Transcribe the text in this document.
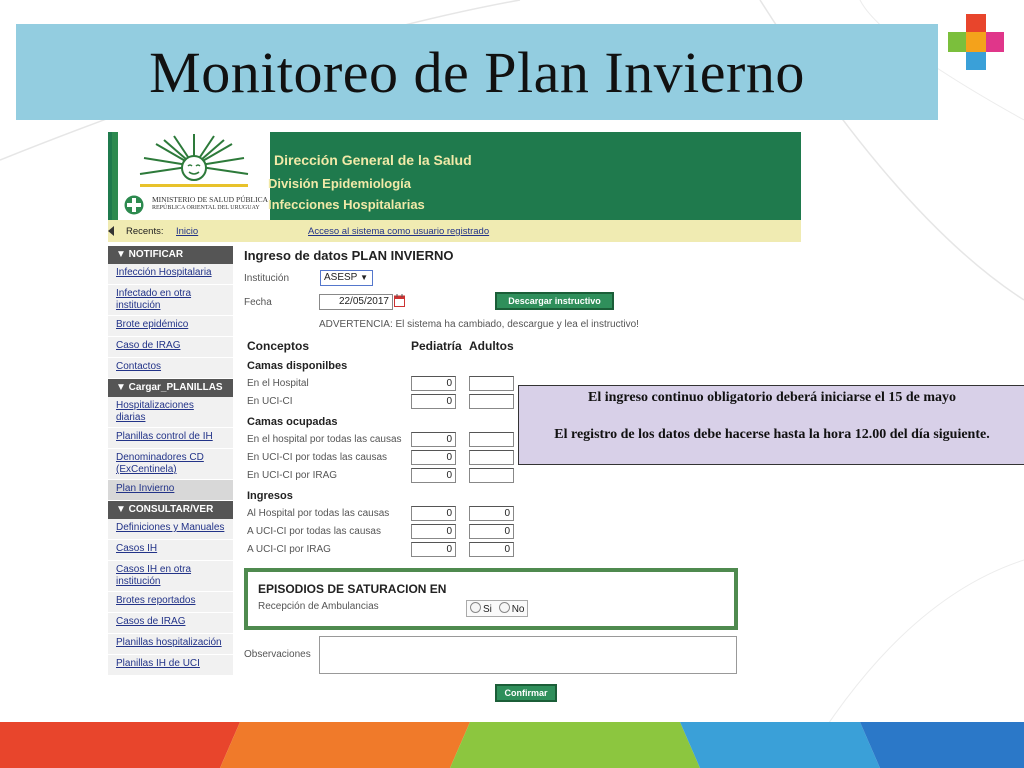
Monitoreo de Plan Invierno
MINISTERIO DE SALUD PÚBLICA
REPÚBLICA ORIENTAL DEL URUGUAY
Dirección General de la Salud
División Epidemiología
Infecciones Hospitalarias
Recents: Inicio	Acceso al sistema como usuario registrado
▼ NOTIFICAR
Infección Hospitalaria
Infectado en otra institución
Brote epidémico
Caso de IRAG
Contactos
▼ Cargar_PLANILLAS
Hospitalizaciones diarias
Planillas control de IH
Denominadores CD (ExCentinela)
Plan Invierno
▼ CONSULTAR/VER
Definiciones y Manuales
Casos IH
Casos IH en otra institución
Brotes reportados
Casos de IRAG
Planillas hospitalización
Planillas IH de UCI
Ingreso de datos PLAN INVIERNO
Institución	ASESP ▼
Fecha	22/05/2017	Descargar instructivo
ADVERTENCIA: El sistema ha cambiado, descargue y lea el instructivo!
Conceptos	Pediatría Adultos
Camas disponilbes
En el Hospital	0
En UCI-CI	0
Camas ocupadas
En el hospital por todas las causas	0
En UCI-CI por todas las causas	0
En UCI-CI por IRAG	0
Ingresos
Al Hospital por todas las causas	0	0
A UCI-CI por todas las causas	0	0
A UCI-CI por IRAG	0	0
EPISODIOS DE SATURACION EN
Recepción de Ambulancias	Si No
Observaciones
Confirmar
El ingreso continuo obligatorio deberá iniciarse el 15 de mayo
El registro de los datos debe hacerse hasta la hora 12.00 del día siguiente.
